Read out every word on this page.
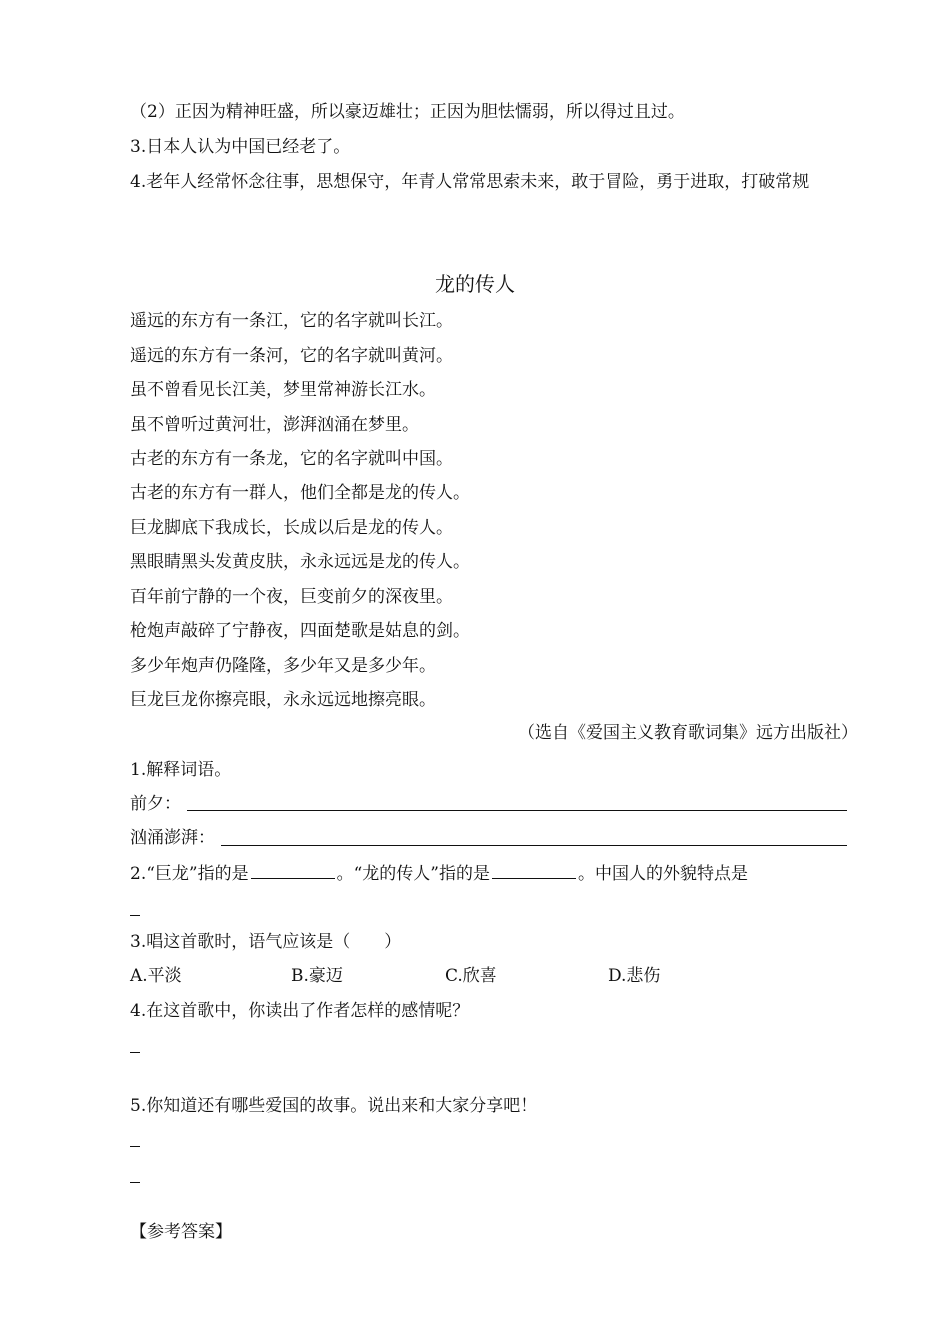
（2）正因为精神旺盛，所以豪迈雄壮；正因为胆怯懦弱，所以得过且过。
3.日本人认为中国已经老了。
4.老年人经常怀念往事，思想保守，年青人常常思索未来，敢于冒险，勇于进取，打破常规
龙的传人
遥远的东方有一条江，它的名字就叫长江。
遥远的东方有一条河，它的名字就叫黄河。
虽不曾看见长江美，梦里常神游长江水。
虽不曾听过黄河壮，澎湃汹涌在梦里。
古老的东方有一条龙，它的名字就叫中国。
古老的东方有一群人，他们全都是龙的传人。
巨龙脚底下我成长，长成以后是龙的传人。
黑眼睛黑头发黄皮肤，永永远远是龙的传人。
百年前宁静的一个夜，巨变前夕的深夜里。
枪炮声敲碎了宁静夜，四面楚歌是姑息的剑。
多少年炮声仍隆隆，多少年又是多少年。
巨龙巨龙你擦亮眼，永永远远地擦亮眼。
（选自《爱国主义教育歌词集》远方出版社）
1.解释词语。
前夕：
汹涌澎湃：
2.“巨龙”指的是	。“龙的传人”指的是	。中国人的外貌特点是
3.唱这首歌时，语气应该是（　　）
A.平淡	B.豪迈	C.欣喜	D.悲伤
4.在这首歌中，你读出了作者怎样的感情呢？
5.你知道还有哪些爱国的故事。说出来和大家分享吧！
【参考答案】
